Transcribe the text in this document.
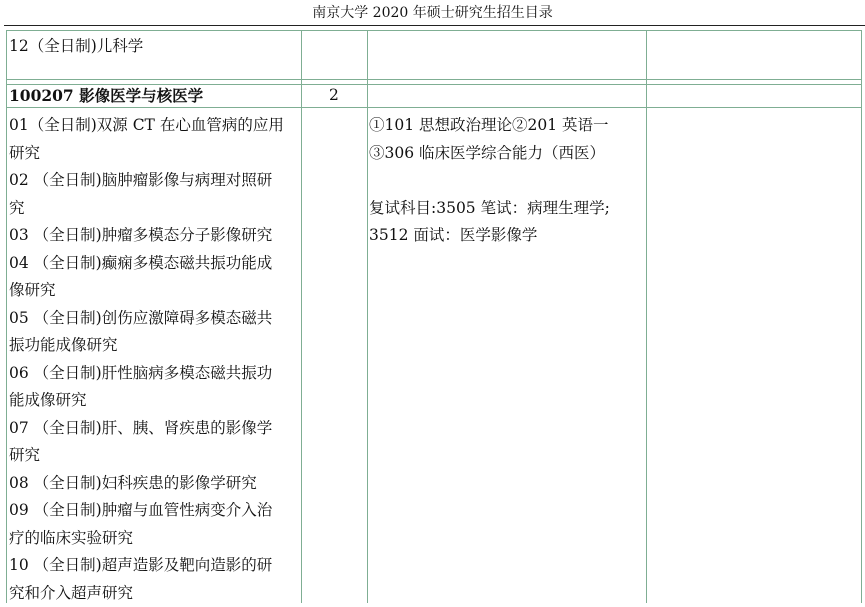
南京大学 2020 年硕士研究生招生目录
12（全日制)儿科学
100207 影像医学与核医学	2
01（全日制)双源 CT 在心血管病的应用
研究
02 （全日制)脑肿瘤影像与病理对照研
究
03 （全日制)肿瘤多模态分子影像研究
04 （全日制)癫痫多模态磁共振功能成
像研究
05 （全日制)创伤应激障碍多模态磁共
振功能成像研究
06 （全日制)肝性脑病多模态磁共振功
能成像研究
07 （全日制)肝、胰、肾疾患的影像学
研究
08 （全日制)妇科疾患的影像学研究
09 （全日制)肿瘤与血管性病变介入治
疗的临床实验研究
10 （全日制)超声造影及靶向造影的研
究和介入超声研究
①101 思想政治理论②201 英语一
③306 临床医学综合能力（西医）
复试科目:3505 笔试：病理生理学;
3512 面试：医学影像学
